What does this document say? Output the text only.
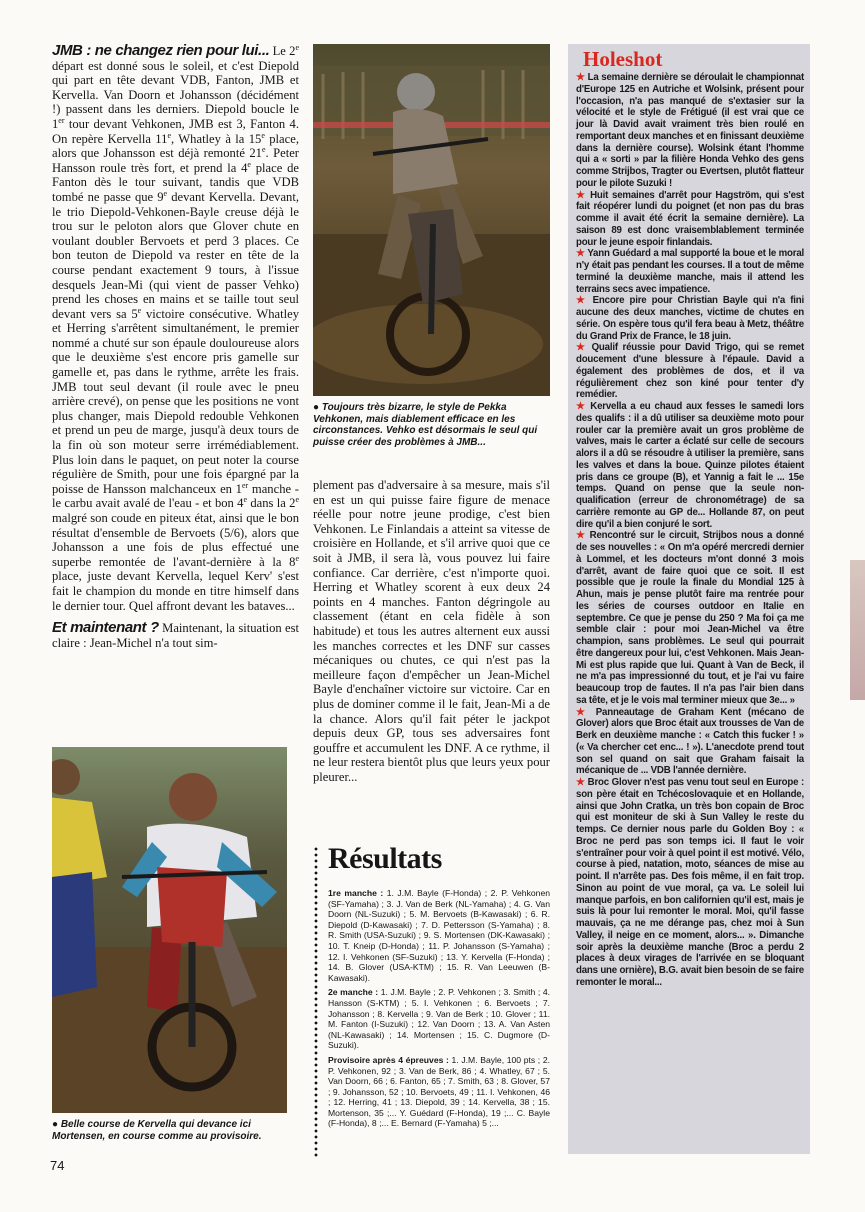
JMB : ne changez rien pour lui... Le 2e départ est donné sous le soleil, et c'est Diepold qui part en tête devant VDB, Fanton, JMB et Kervella. Van Doorn et Johansson (décidément !) passent dans les derniers. Diepold boucle le 1er tour devant Vehkonen, JMB est 3, Fanton 4. On repère Kervella 11e, Whatley à la 15e place, alors que Johansson est déjà remonté 21e. Peter Hansson roule très fort, et prend la 4e place de Fanton dès le tour suivant, tandis que VDB tombé ne passe que 9e devant Kervella. Devant, le trio Diepold-Vehkonen-Bayle creuse déjà le trou sur le peloton alors que Glover chute en voulant doubler Bervoets et perd 3 places. Ce bon teuton de Diepold va rester en tête de la course pendant exactement 9 tours, à l'issue desquels Jean-Mi (qui vient de passer Vehko) prend les choses en mains et se taille tout seul devant vers sa 5e victoire consécutive. Whatley et Herring s'arrêtent simultanément, le premier nommé a chuté sur son épaule douloureuse alors que le deuxième s'est encore pris gamelle sur gamelle et, pas dans le rythme, arrête les frais. JMB tout seul devant (il roule avec le pneu arrière crevé), on pense que les positions ne vont plus changer, mais Diepold redouble Vehkonen et prend un peu de marge, jusqu'à deux tours de la fin où son moteur serre irrémédiablement. Plus loin dans le paquet, on peut noter la course régulière de Smith, pour une fois épargné par la poisse de Hansson malchanceux en 1er manche - le carbu avait avalé de l'eau - et bon 4e dans la 2e malgré son coude en piteux état, ainsi que le bon résultat d'ensemble de Bervoets (5/6), alors que Johansson a une fois de plus effectué une superbe remontée de l'avant-dernière à la 8e place, juste devant Kervella, lequel Kerv' s'est fait le champion du monde en titre himself dans le dernier tour. Quel affront devant les bataves...

Et maintenant ? Maintenant, la situation est claire : Jean-Michel n'a tout sim-

● Toujours très bizarre, le style de Pekka Vehkonen, mais diablement efficace en les circonstances. Vehko est désormais le seul qui puisse créer des problèmes à JMB...

plement pas d'adversaire à sa mesure, mais s'il en est un qui puisse faire figure de menace réelle pour notre jeune prodige, c'est bien Vehkonen. Le Finlandais a atteint sa vitesse de croisière en Hollande, et s'il arrive quoi que ce soit à JMB, il sera là, vous pouvez lui faire confiance. Car derrière, c'est n'importe quoi. Herring et Whatley scorent à eux deux 24 points en 4 manches. Fanton dégringole au classement (étant en cela fidèle à son habitude) et tous les autres alternent eux aussi les manches correctes et les DNF sur casses mécaniques ou chutes, ce qui n'est pas la meilleure façon d'empêcher un Jean-Michel Bayle d'enchaîner victoire sur victoire. Car en plus de dominer comme il le fait, Jean-Mi a de la chance. Alors qu'il fait péter le jackpot depuis deux GP, tous ses adversaires font gouffre et accumulent les DNF. A ce rythme, il ne leur restera bientôt plus que leurs yeux pour pleurer...

● Belle course de Kervella qui devance ici Mortensen, en course comme au provisoire.
Résultats

1re manche : 1. J.M. Bayle (F-Honda) ; 2. P. Vehkonen (SF-Yamaha) ; 3. J. Van de Berk (NL-Yamaha) ; 4. G. Van Doorn (NL-Suzuki) ; 5. M. Bervoets (B-Kawasaki) ; 6. R. Diepold (D-Kawasaki) ; 7. D. Pettersson (S-Yamaha) ; 8. R. Smith (USA-Suzuki) ; 9. S. Mortensen (DK-Kawasaki) ; 10. T. Kneip (D-Honda) ; 11. P. Johansson (S-Yamaha) ; 12. I. Vehkonen (SF-Suzuki) ; 13. Y. Kervella (F-Honda) ; 14. B. Glover (USA-KTM) ; 15. R. Van Leeuwen (B-Kawasaki).

2e manche : 1. J.M. Bayle ; 2. P. Vehkonen ; 3. Smith ; 4. Hansson (S-KTM) ; 5. I. Vehkonen ; 6. Bervoets ; 7. Johansson ; 8. Kervella ; 9. Van de Berk ; 10. Glover ; 11. M. Fanton (I-Suzuki) ; 12. Van Doorn ; 13. A. Van Asten (NL-Kawasaki) ; 14. Mortensen ; 15. C. Dugmore (D-Suzuki).

Provisoire après 4 épreuves : 1. J.M. Bayle, 100 pts ; 2. P. Vehkonen, 92 ; 3. Van de Berk, 86 ; 4. Whatley, 67 ; 5. Van Doorn, 66 ; 6. Fanton, 65 ; 7. Smith, 63 ; 8. Glover, 57 ; 9. Johansson, 52 ; 10. Bervoets, 49 ; 11. I. Vehkonen, 46 ; 12. Herring, 41 ; 13. Diepold, 39 ; 14. Kervella, 38 ; 15. Mortenson, 35 ;... Y. Guédard (F-Honda), 19 ;... C. Bayle (F-Honda), 8 ;... E. Bernard (F-Yamaha) 5 ;...

Holeshot

★ La semaine dernière se déroulait le championnat d'Europe 125 en Autriche et Wolsink, présent pour l'occasion, n'a pas manqué de s'extasier sur la vélocité et le style de Frétigué (il est vrai que ce jour là David avait vraiment très bien roulé en remportant deux manches et en finissant deuxième dans la dernière course). Wolsink étant l'homme qui a « sorti » par la filière Honda Vehko des gens comme Strijbos, Tragter ou Evertsen, plutôt flatteur pour le pilote Suzuki !

★ Huit semaines d'arrêt pour Hagström, qui s'est fait réopérer lundi du poignet (et non pas du bras comme il avait été écrit la semaine dernière). La saison 89 est donc vraisemblablement terminée pour le jeune espoir finlandais.

★ Yann Guédard a mal supporté la boue et le moral n'y était pas pendant les courses. Il a tout de même terminé la deuxième manche, mais il attend les terrains secs avec impatience.

★ Encore pire pour Christian Bayle qui n'a fini aucune des deux manches, victime de chutes en série. On espère tous qu'il fera beau à Metz, théâtre du Grand Prix de France, le 18 juin.

★ Qualif réussie pour David Trigo, qui se remet doucement d'une blessure à l'épaule. David a également des problèmes de dos, et il va régulièrement chez son kiné pour tenter d'y remédier.

★ Kervella a eu chaud aux fesses le samedi lors des qualifs : il a dû utiliser sa deuxième moto pour rouler car la première avait un gros problème de valves, mais le carter a éclaté sur celle de secours alors il a dû se résoudre à utiliser la première, sans les valves et dans la boue. Quinze pilotes étaient pris dans ce groupe (B), et Yannig a fait le ... 15e temps. Quand on pense que la seule non-qualification (erreur de chronométrage) de sa carrière remonte au GP de... Hollande 87, on peut dire qu'il a bien conjuré le sort.

★ Rencontré sur le circuit, Strijbos nous a donné de ses nouvelles : « On m'a opéré mercredi dernier à Lommel, et les docteurs m'ont donné 3 mois d'arrêt, avant de faire quoi que ce soit. Il est possible que je roule la finale du Mondial 125 à Ahun, mais je pense plutôt faire ma rentrée pour les séries de courses outdoor en Italie en septembre. Ce que je pense du 250 ? Ma foi ça me semble clair : pour moi Jean-Michel va être champion, sans problèmes. Le seul qui pourrait être dangereux pour lui, c'est Vehkonen. Mais Jean-Mi est plus rapide que lui. Quant à Van de Beck, il ne m'a pas impressionné du tout, et je l'ai vu faire beaucoup trop de fautes. Il n'a pas l'air bien dans sa tête, et je le vois mal terminer mieux que 3e... »

★ Panneautage de Graham Kent (mécano de Glover) alors que Broc était aux trousses de Van de Berk en deuxième manche : « Catch this fucker ! » (« Va chercher cet enc... ! »). L'anecdote prend tout son sel quand on sait que Graham faisait la mécanique de ... VDB l'année dernière.

★ Broc Glover n'est pas venu tout seul en Europe : son père était en Tchécoslovaquie et en Hollande, ainsi que John Cratka, un très bon copain de Broc qui est moniteur de ski à Sun Valley le reste du temps. Ce dernier nous parle du Golden Boy : « Broc ne perd pas son temps ici. Il faut le voir s'entraîner pour voir à quel point il est motivé. Vélo, course à pied, natation, moto, séances de mise au point. Il n'arrête pas. Des fois même, il en fait trop. Sinon au point de vue moral, ça va. Le soleil lui manque parfois, en bon californien qu'il est, mais je suis là pour lui remonter le moral. Moi, qu'il fasse mauvais, ça ne me dérange pas, chez moi à Sun Valley, il neige en ce moment, alors... ». Dimanche soir après la deuxième manche (Broc a perdu 2 places à deux virages de l'arrivée en se bloquant dans une ornière), B.G. avait bien besoin de se faire remonter le moral...

74
